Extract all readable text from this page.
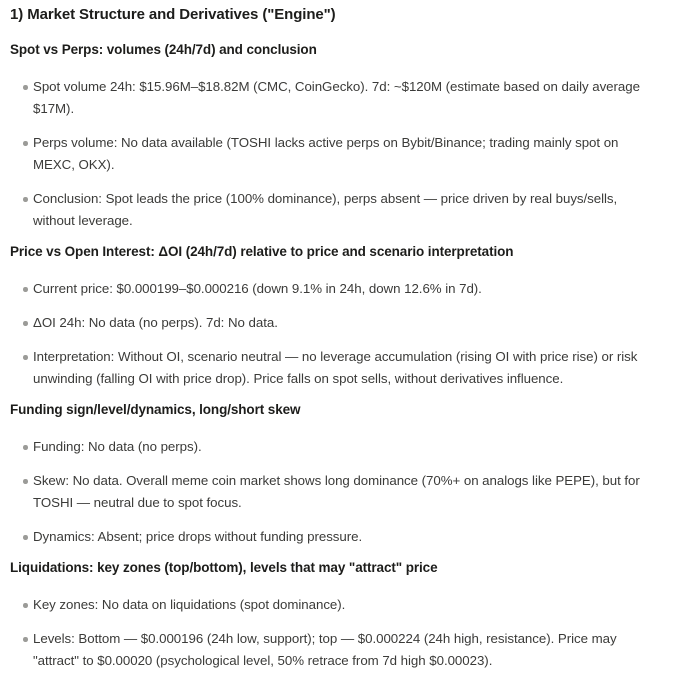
1) Market Structure and Derivatives ("Engine")
Spot vs Perps: volumes (24h/7d) and conclusion
Spot volume 24h: $15.96M–$18.82M (CMC, CoinGecko). 7d: ~$120M (estimate based on daily average $17M).
Perps volume: No data available (TOSHI lacks active perps on Bybit/Binance; trading mainly spot on MEXC, OKX).
Conclusion: Spot leads the price (100% dominance), perps absent — price driven by real buys/sells, without leverage.
Price vs Open Interest: ΔOI (24h/7d) relative to price and scenario interpretation
Current price: $0.000199–$0.000216 (down 9.1% in 24h, down 12.6% in 7d).
ΔOI 24h: No data (no perps). 7d: No data.
Interpretation: Without OI, scenario neutral — no leverage accumulation (rising OI with price rise) or risk unwinding (falling OI with price drop). Price falls on spot sells, without derivatives influence.
Funding sign/level/dynamics, long/short skew
Funding: No data (no perps).
Skew: No data. Overall meme coin market shows long dominance (70%+ on analogs like PEPE), but for TOSHI — neutral due to spot focus.
Dynamics: Absent; price drops without funding pressure.
Liquidations: key zones (top/bottom), levels that may "attract" price
Key zones: No data on liquidations (spot dominance).
Levels: Bottom — $0.000196 (24h low, support); top — $0.000224 (24h high, resistance). Price may "attract" to $0.00020 (psychological level, 50% retrace from 7d high $0.00023).
